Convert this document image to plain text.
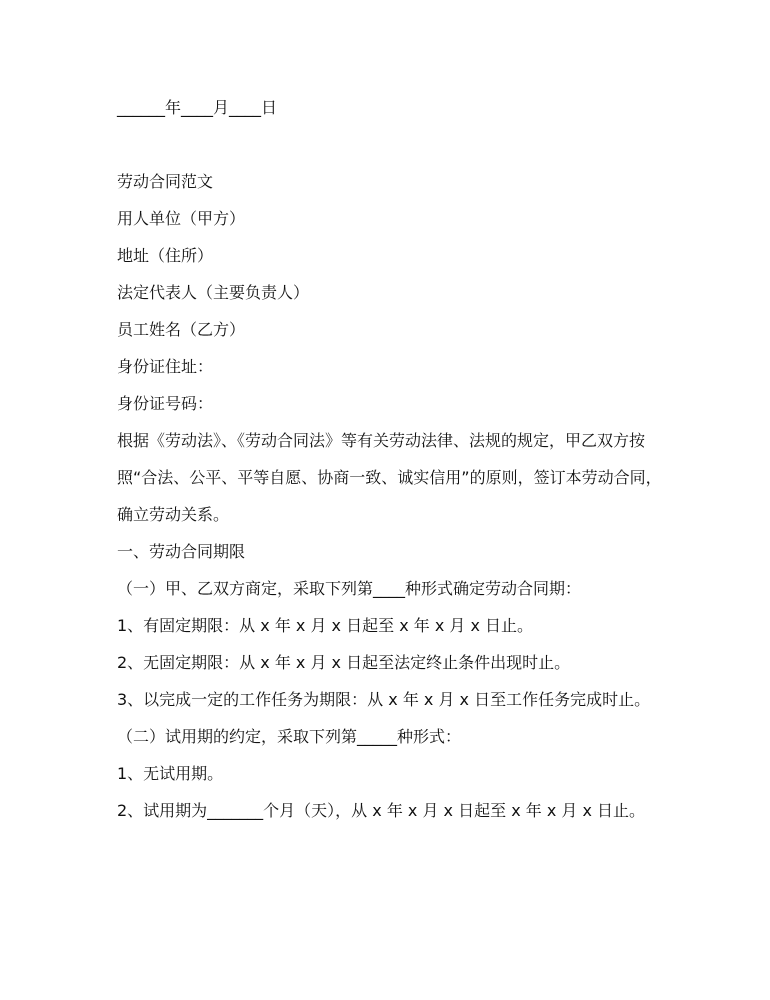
______年____月____日

劳动合同范文

用人单位（甲方）

地址（住所）

法定代表人（主要负责人）

员工姓名（乙方）

身份证住址：

身份证号码：

根据《劳动法》、《劳动合同法》等有关劳动法律、法规的规定，甲乙双方按照“合法、公平、平等自愿、协商一致、诚实信用”的原则，签订本劳动合同，确立劳动关系。

一、劳动合同期限

（一）甲、乙双方商定，采取下列第____种形式确定劳动合同期：

1、有固定期限：从 x 年 x 月 x 日起至 x 年 x 月 x 日止。

2、无固定期限：从 x 年 x 月 x 日起至法定终止条件出现时止。

3、以完成一定的工作任务为期限：从 x 年 x 月 x 日至工作任务完成时止。

（二）试用期的约定，采取下列第_____种形式：

1、无试用期。

2、试用期为_______个月（天），从 x 年 x 月 x 日起至 x 年 x 月 x 日止。
